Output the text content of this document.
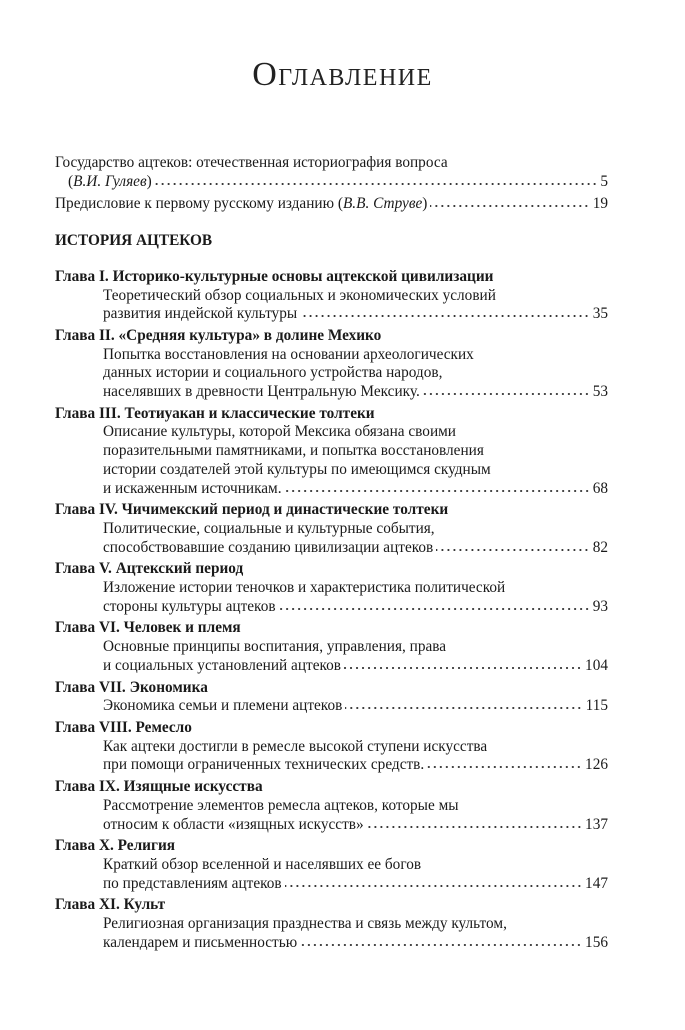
Оглавление
Государство ацтеков: отечественная историография вопроса
(В.И. Гуляев)	5
Предисловие к первому русскому изданию (В.В. Струве)	19
ИСТОРИЯ АЦТЕКОВ
Глава I. Историко-культурные основы ацтекской цивилизации
Теоретический обзор социальных и экономических условий
развития индейской культуры	35
Глава II. «Средняя культура» в долине Мехико
Попытка восстановления на основании археологических
данных истории и социального устройства народов,
населявших в древности Центральную Мексику.	53
Глава III. Теотиуакан и классические толтеки
Описание культуры, которой Мексика обязана своими
поразительными памятниками, и попытка восстановления
истории создателей этой культуры по имеющимся скудным
и искаженным источникам.	68
Глава IV. Чичимекский период и династические толтеки
Политические, социальные и культурные события,
способствовавшие созданию цивилизации ацтеков	82
Глава V. Ацтекский период
Изложение истории теночков и характеристика политической
стороны культуры ацтеков	93
Глава VI. Человек и племя
Основные принципы воспитания, управления, права
и социальных установлений ацтеков	104
Глава VII. Экономика
Экономика семьи и племени ацтеков	115
Глава VIII. Ремесло
Как ацтеки достигли в ремесле высокой ступени искусства
при помощи ограниченных технических средств.	126
Глава IX. Изящные искусства
Рассмотрение элементов ремесла ацтеков, которые мы
относим к области «изящных искусств»	137
Глава X. Религия
Краткий обзор вселенной и населявших ее богов
по представлениям ацтеков	147
Глава XI. Культ
Религиозная организация празднества и связь между культом,
календарем и письменностью	156
